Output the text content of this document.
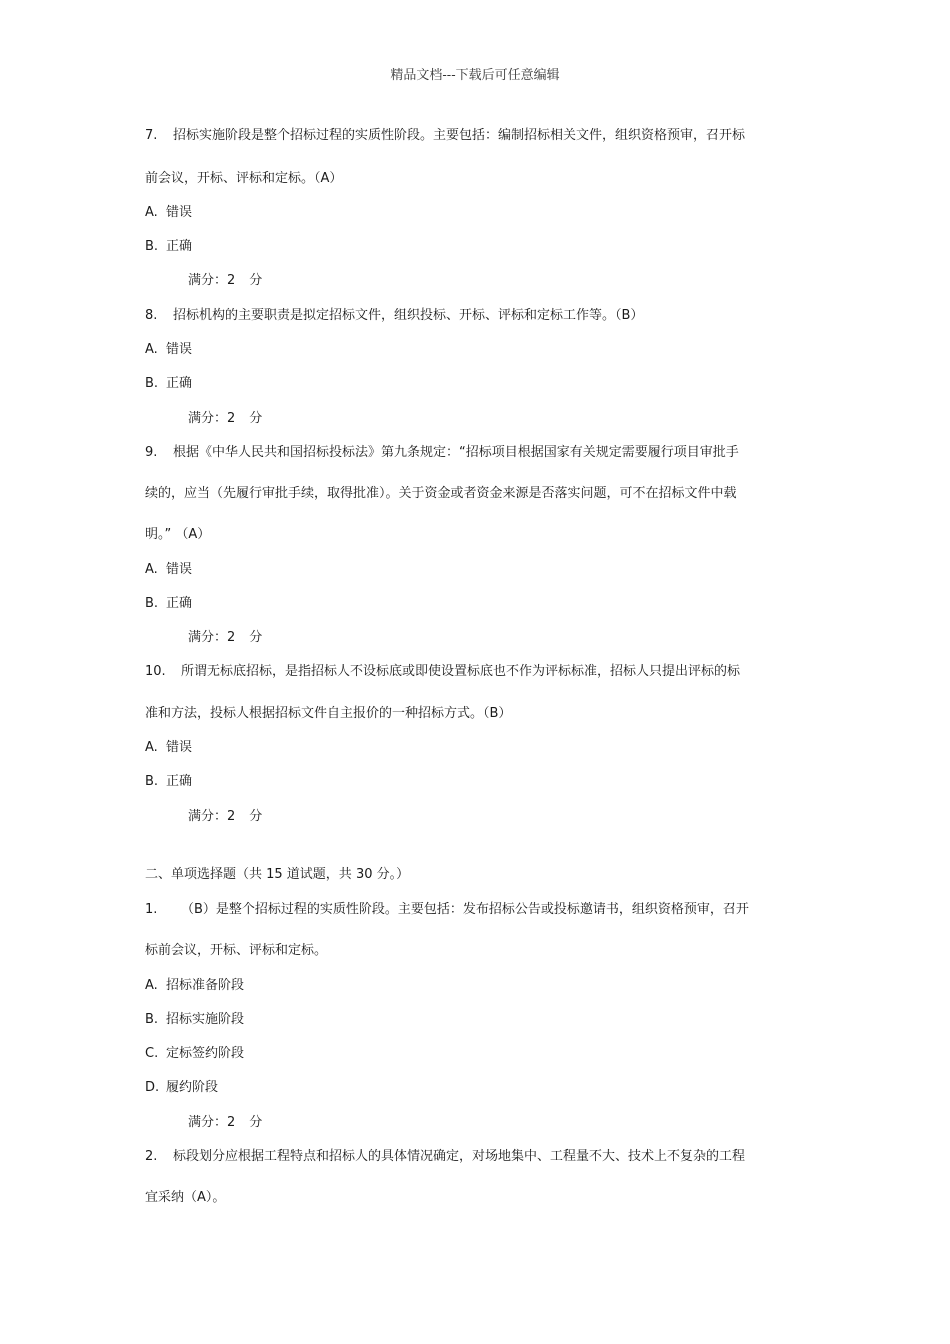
精品文档---下载后可任意编辑
7.	招标实施阶段是整个招标过程的实质性阶段。主要包括：编制招标相关文件，组织资格预审，召开标
前会议，开标、评标和定标。（A）
A. 错误
B. 正确
满分：2 分
8.	招标机构的主要职责是拟定招标文件，组织投标、开标、评标和定标工作等。（B）
A. 错误
B. 正确
满分：2 分
9.	根据《中华人民共和国招标投标法》第九条规定：“招标项目根据国家有关规定需要履行项目审批手
续的，应当（先履行审批手续，取得批准）。关于资金或者资金来源是否落实问题，可不在招标文件中载
明。” （A）
A. 错误
B. 正确
满分：2 分
10.	所谓无标底招标，是指招标人不设标底或即使设置标底也不作为评标标准，招标人只提出评标的标
准和方法，投标人根据招标文件自主报价的一种招标方式。（B）
A. 错误
B. 正确
满分：2 分
二、单项选择题（共 15 道试题，共 30 分。）
1.	（B）是整个招标过程的实质性阶段。主要包括：发布招标公告或投标邀请书，组织资格预审，召开
标前会议，开标、评标和定标。
A. 招标准备阶段
B. 招标实施阶段
C. 定标签约阶段
D. 履约阶段
满分：2 分
2.	标段划分应根据工程特点和招标人的具体情况确定，对场地集中、工程量不大、技术上不复杂的工程
宜采纳（A）。
